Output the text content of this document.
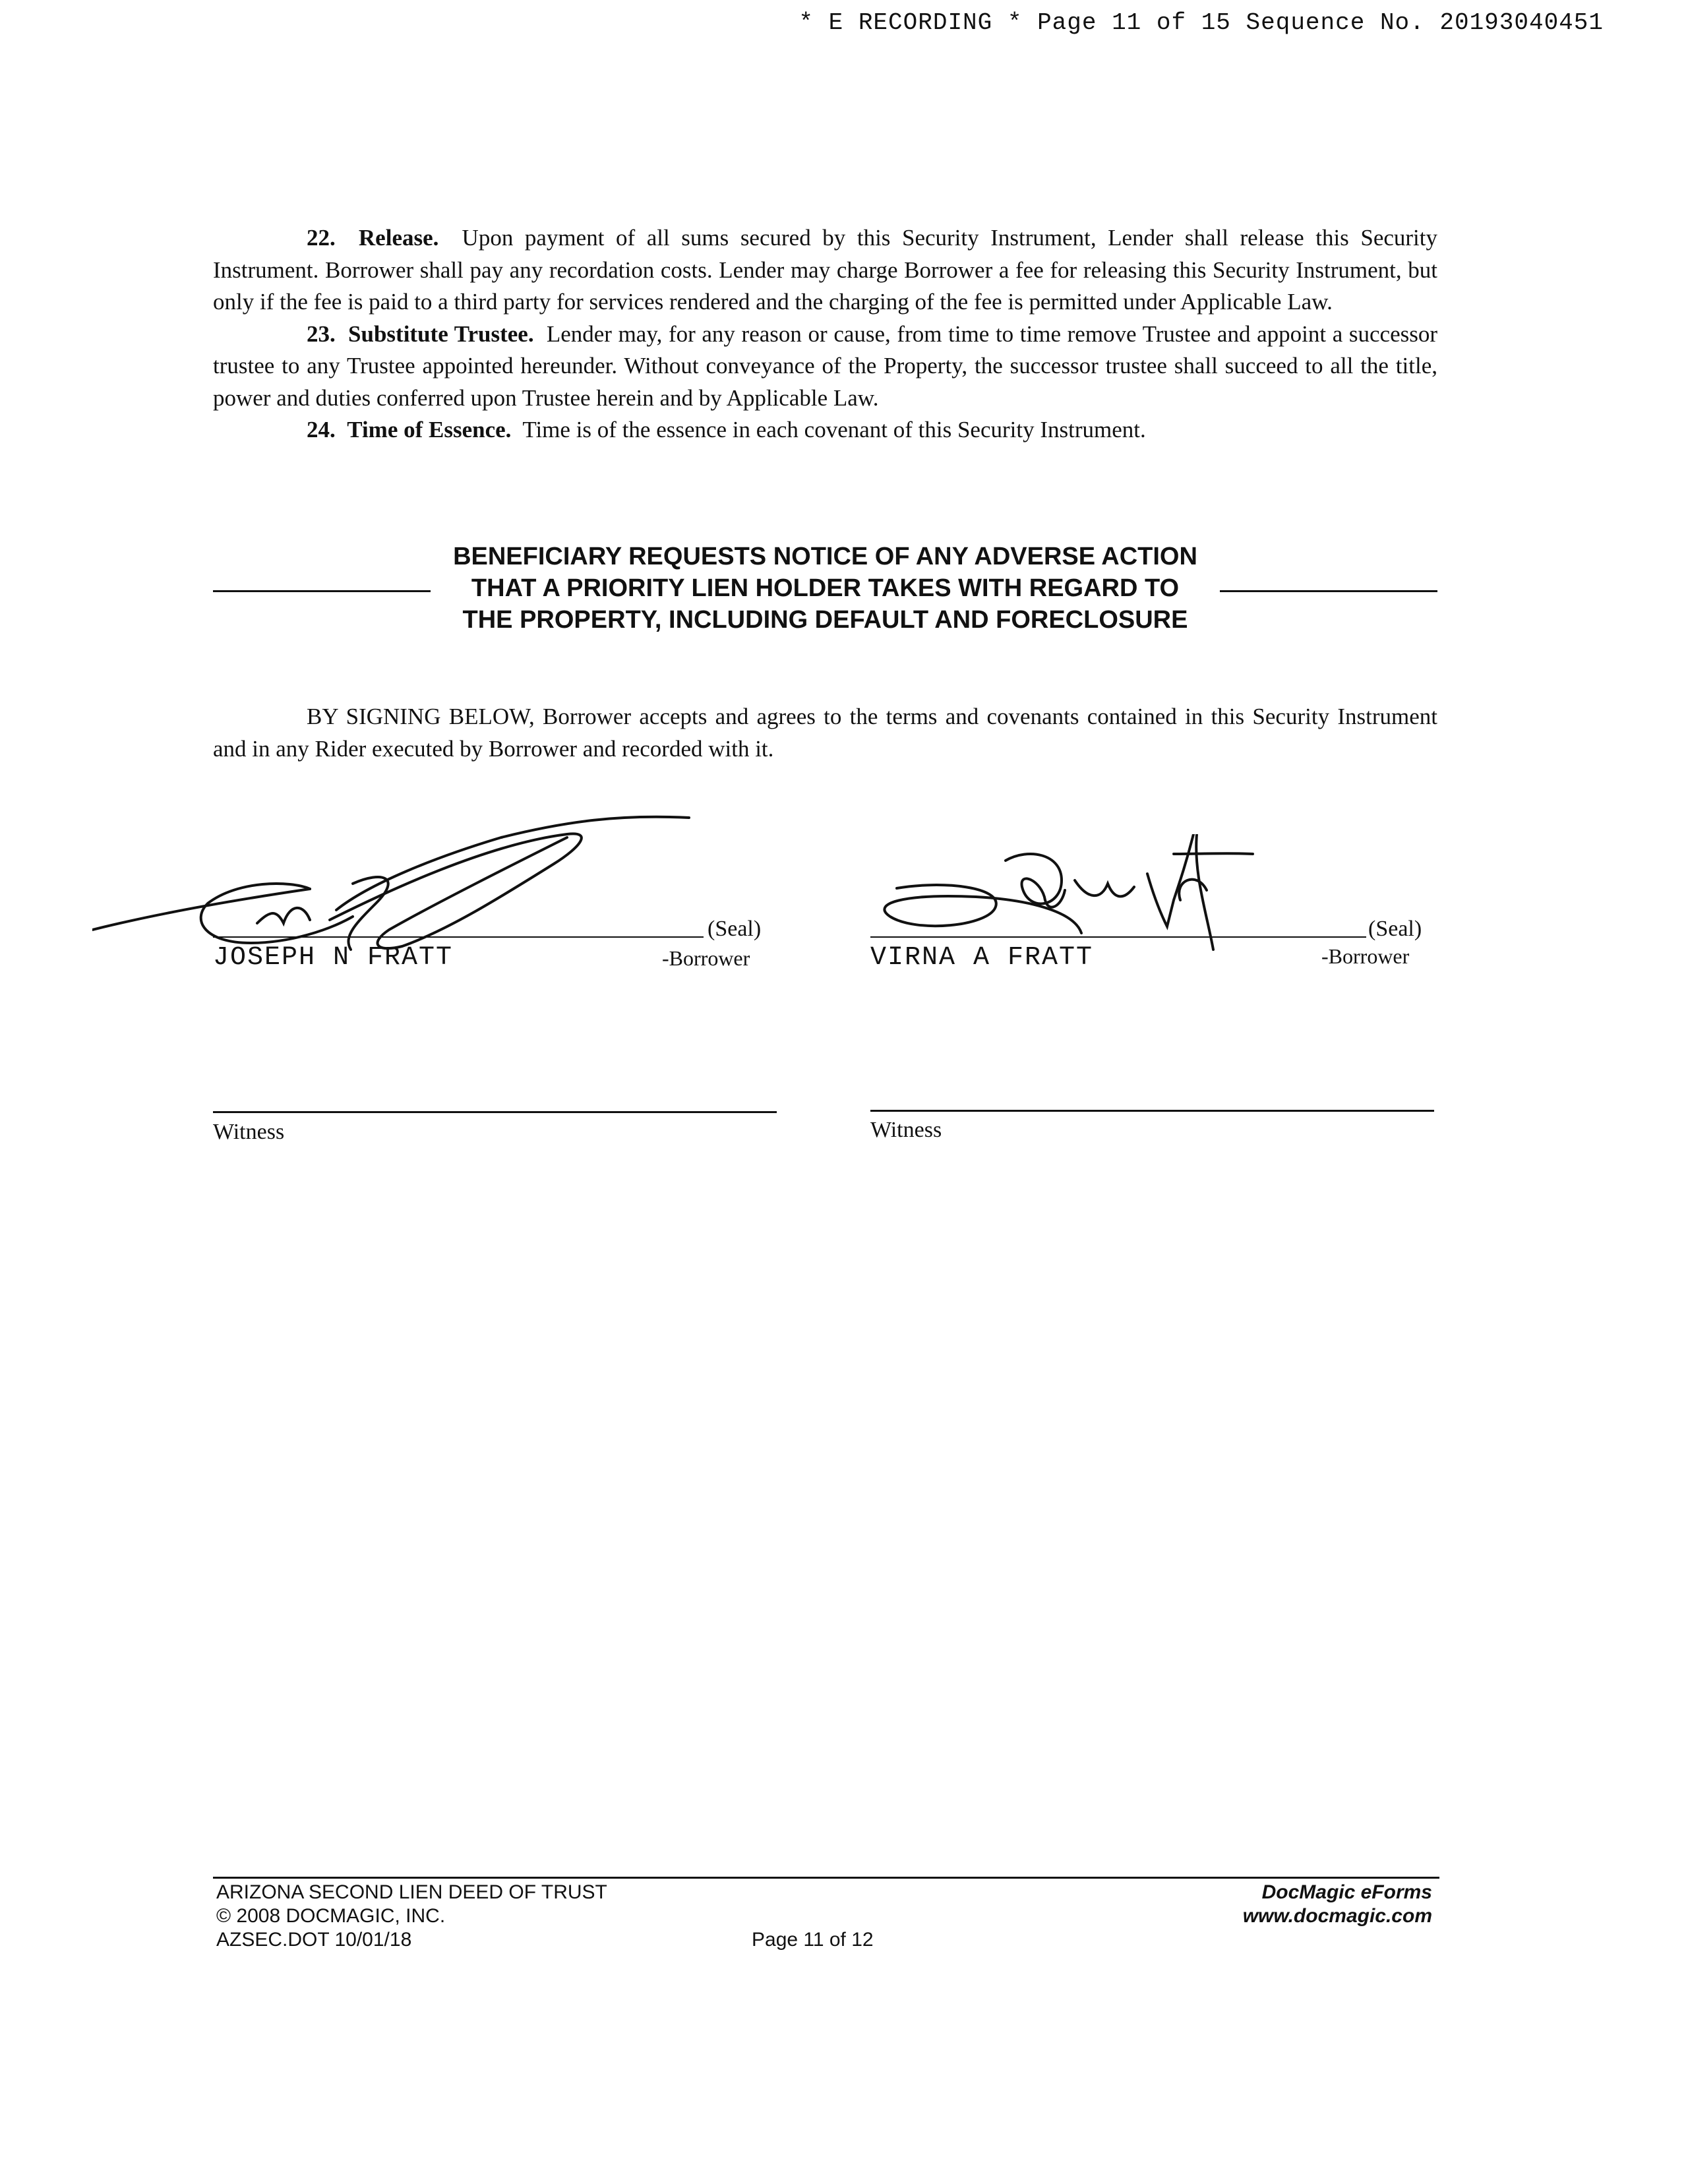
* E RECORDING * Page 11 of 15 Sequence No. 20193040451

22. Release. Upon payment of all sums secured by this Security Instrument, Lender shall release this Security Instrument. Borrower shall pay any recordation costs. Lender may charge Borrower a fee for releasing this Security Instrument, but only if the fee is paid to a third party for services rendered and the charging of the fee is permitted under Applicable Law.

23. Substitute Trustee. Lender may, for any reason or cause, from time to time remove Trustee and appoint a successor trustee to any Trustee appointed hereunder. Without conveyance of the Property, the successor trustee shall succeed to all the title, power and duties conferred upon Trustee herein and by Applicable Law.

24. Time of Essence. Time is of the essence in each covenant of this Security Instrument.

BENEFICIARY REQUESTS NOTICE OF ANY ADVERSE ACTION
THAT A PRIORITY LIEN HOLDER TAKES WITH REGARD TO
THE PROPERTY, INCLUDING DEFAULT AND FORECLOSURE

BY SIGNING BELOW, Borrower accepts and agrees to the terms and covenants contained in this Security Instrument and in any Rider executed by Borrower and recorded with it.

(Seal)
JOSEPH N FRATT	-Borrower
(Seal)
VIRNA A FRATT	-Borrower
Witness	Witness
ARIZONA SECOND LIEN DEED OF TRUST
© 2008 DOCMAGIC, INC.
AZSEC.DOT 10/01/18	Page 11 of 12
DocMagic eForms
www.docmagic.com
